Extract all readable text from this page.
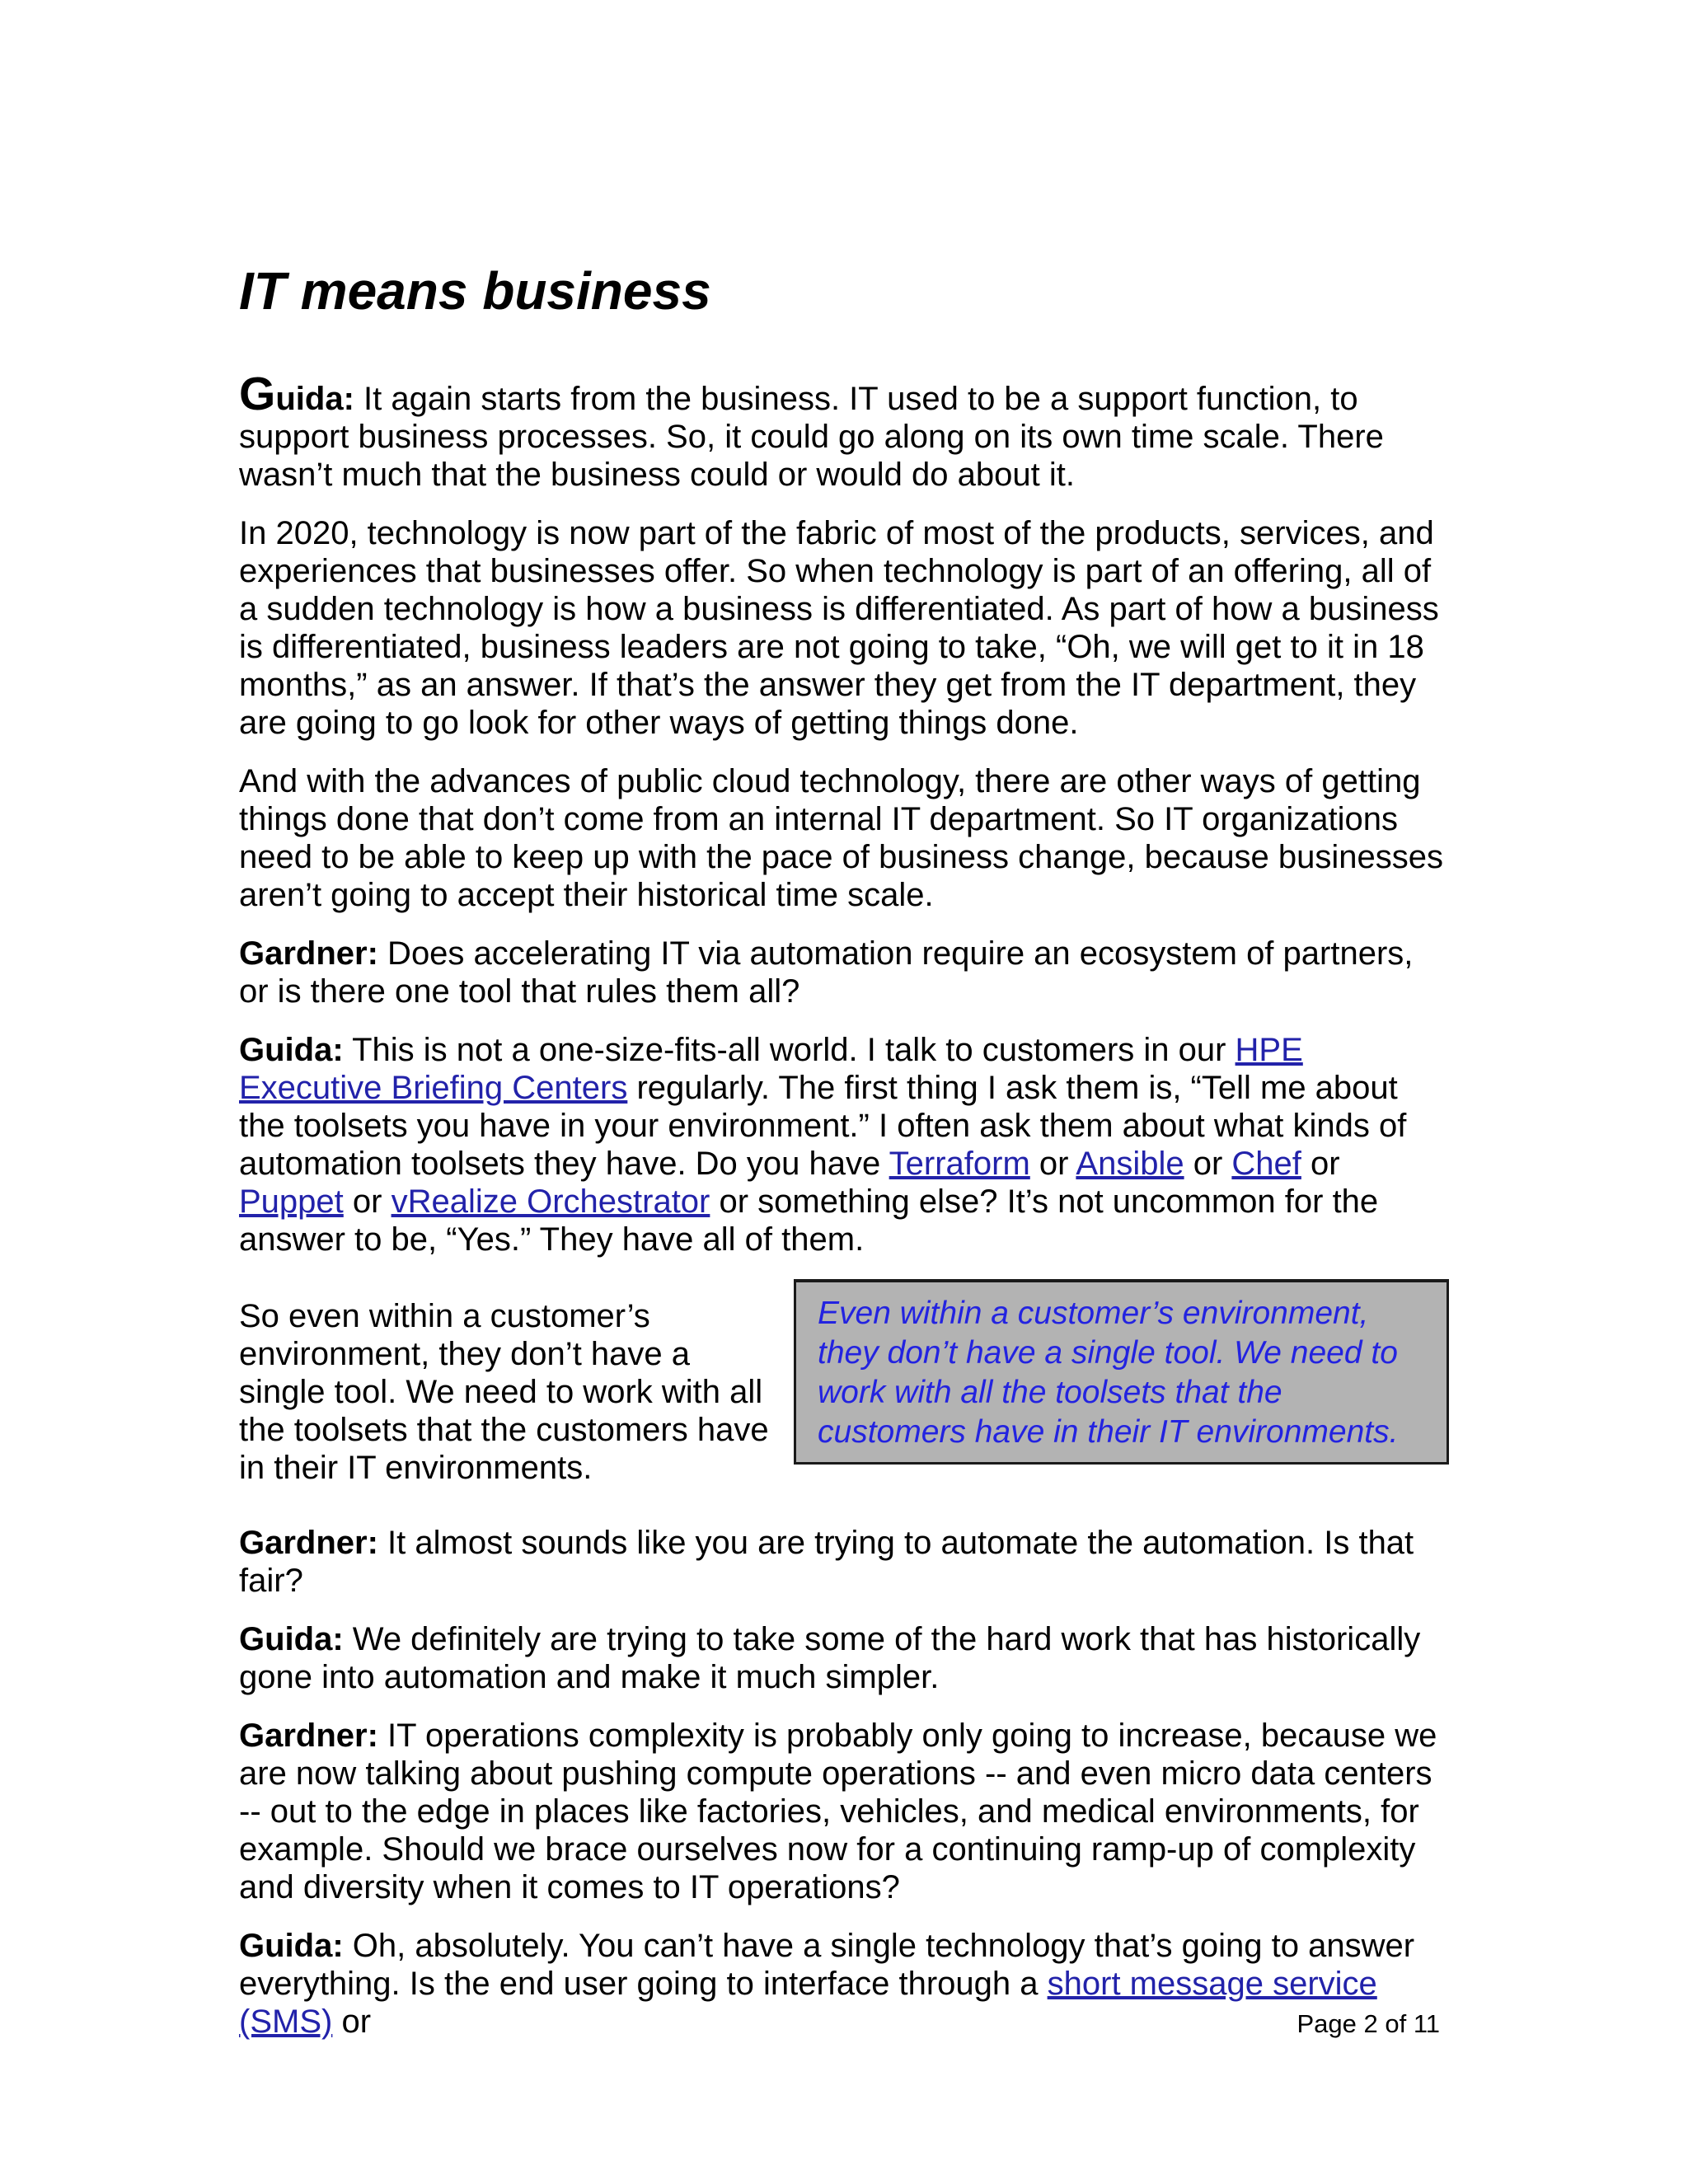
IT means business

Guida: It again starts from the business. IT used to be a support function, to support business processes. So, it could go along on its own time scale. There wasn’t much that the business could or would do about it.

In 2020, technology is now part of the fabric of most of the products, services, and experiences that businesses offer. So when technology is part of an offering, all of a sudden technology is how a business is differentiated. As part of how a business is differentiated, business leaders are not going to take, “Oh, we will get to it in 18 months,” as an answer. If that’s the answer they get from the IT department, they are going to go look for other ways of getting things done.

And with the advances of public cloud technology, there are other ways of getting things done that don’t come from an internal IT department. So IT organizations need to be able to keep up with the pace of business change, because businesses aren’t going to accept their historical time scale.

Gardner: Does accelerating IT via automation require an ecosystem of partners, or is there one tool that rules them all?

Guida: This is not a one-size-fits-all world. I talk to customers in our HPE Executive Briefing Centers regularly. The first thing I ask them is, “Tell me about the toolsets you have in your environment.” I often ask them about what kinds of automation toolsets they have. Do you have Terraform or Ansible or Chef or Puppet or vRealize Orchestrator or something else? It’s not uncommon for the answer to be, “Yes.” They have all of them.

So even within a customer’s environment, they don’t have a single tool. We need to work with all the toolsets that the customers have in their IT environments.

Even within a customer’s environment, they don’t have a single tool. We need to work with all the toolsets that the customers have in their IT environments.

Gardner: It almost sounds like you are trying to automate the automation. Is that fair?

Guida: We definitely are trying to take some of the hard work that has historically gone into automation and make it much simpler.

Gardner: IT operations complexity is probably only going to increase, because we are now talking about pushing compute operations -- and even micro data centers -- out to the edge in places like factories, vehicles, and medical environments, for example. Should we brace ourselves now for a continuing ramp-up of complexity and diversity when it comes to IT operations?

Guida: Oh, absolutely. You can’t have a single technology that’s going to answer everything. Is the end user going to interface through a short message service (SMS) or	Page 2 of 11
